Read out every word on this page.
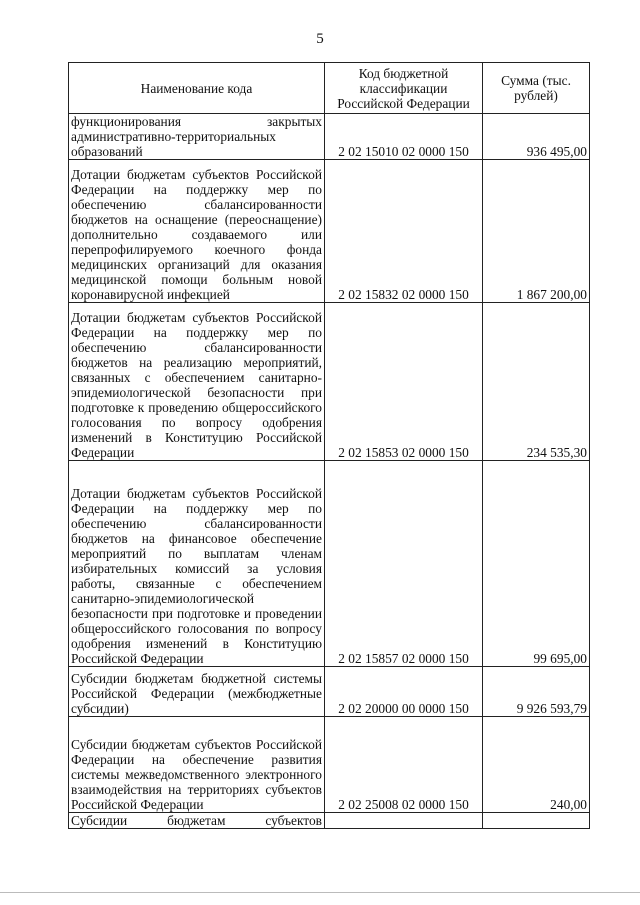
5
Наименование кода	Код бюджетной классификации Российской Федерации	Сумма (тыс. рублей)
функционирования закрытых административно-территориальных образований	2 02 15010 02 0000 150	936 495,00
Дотации бюджетам субъектов Российской Федерации на поддержку мер по обеспечению сбалансированности бюджетов на оснащение (переоснащение) дополнительно создаваемого или перепрофилируемого коечного фонда медицинских организаций для оказания медицинской помощи больным новой коронавирусной инфекцией	2 02 15832 02 0000 150	1 867 200,00
Дотации бюджетам субъектов Российской Федерации на поддержку мер по обеспечению сбалансированности бюджетов на реализацию мероприятий, связанных с обеспечением санитарно-эпидемиологической безопасности при подготовке к проведению общероссийского голосования по вопросу одобрения изменений в Конституцию Российской Федерации	2 02 15853 02 0000 150	234 535,30
Дотации бюджетам субъектов Российской Федерации на поддержку мер по обеспечению сбалансированности бюджетов на финансовое обеспечение мероприятий по выплатам членам избирательных комиссий за условия работы, связанные с обеспечением санитарно-эпидемиологической безопасности при подготовке и проведении общероссийского голосования по вопросу одобрения изменений в Конституцию Российской Федерации	2 02 15857 02 0000 150	99 695,00
Субсидии бюджетам бюджетной системы Российской Федерации (межбюджетные субсидии)	2 02 20000 00 0000 150	9 926 593,79
Субсидии бюджетам субъектов Российской Федерации на обеспечение развития системы межведомственного электронного взаимодействия на территориях субъектов Российской Федерации	2 02 25008 02 0000 150	240,00
Субсидии бюджетам субъектов		
